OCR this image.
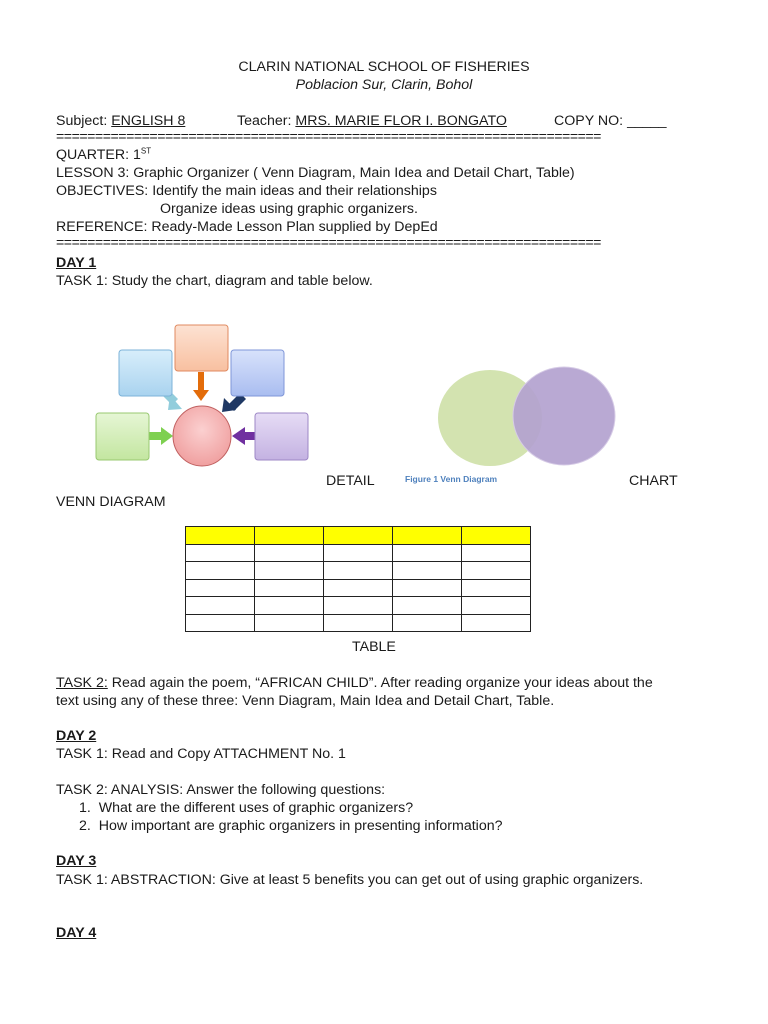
CLARIN NATIONAL SCHOOL OF FISHERIES
Poblacion Sur, Clarin, Bohol
Subject: ENGLISH 8	Teacher: MRS. MARIE FLOR I. BONGATO	COPY NO: _____
======================================================================
QUARTER: 1ST
LESSON 3: Graphic Organizer ( Venn Diagram, Main Idea and Detail Chart, Table)
OBJECTIVES: Identify the main ideas and their relationships
Organize ideas using graphic organizers.
REFERENCE: Ready-Made Lesson Plan supplied by DepEd
======================================================================
DAY 1
TASK 1: Study the chart, diagram and table below.
DETAIL	Figure 1 Venn Diagram	CHART
VENN DIAGRAM

TABLE
TASK 2: Read again the poem, “AFRICAN CHILD”. After reading organize your ideas about the
text using any of these three: Venn Diagram, Main Idea and Detail Chart, Table.
DAY 2
TASK 1: Read and Copy ATTACHMENT No. 1
TASK 2: ANALYSIS: Answer the following questions:
1. What are the different uses of graphic organizers?
2. How important are graphic organizers in presenting information?
DAY 3
TASK 1: ABSTRACTION: Give at least 5 benefits you can get out of using graphic organizers.
DAY 4
